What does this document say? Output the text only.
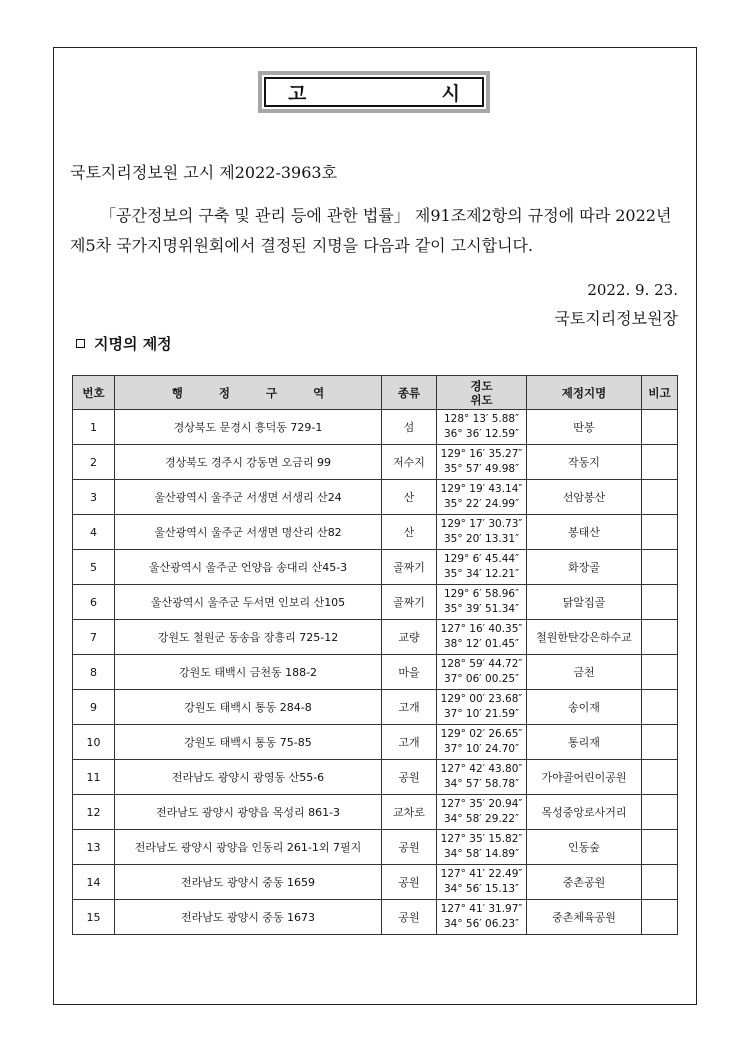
고	시
국토지리정보원 고시 제2022-3963호
「공간정보의 구축 및 관리 등에 관한 법률」 제91조제2항의 규정에 따라 2022년 제5차 국가지명위원회에서 결정된 지명을 다음과 같이 고시합니다.
2022. 9. 23.
국토지리정보원장
지명의 제정
번호	행 정 구 역	종류	경도
위도	제정지명	비고
1	경상북도 문경시 흥덕동 729-1	섬	128° 13′ 5.88″
36° 36′ 12.59″	딴봉	
2	경상북도 경주시 강동면 오금리 99	저수지	129° 16′ 35.27″
35° 57′ 49.98″	작동지	
3	울산광역시 울주군 서생면 서생리 산24	산	129° 19′ 43.14″
35° 22′ 24.99″	선암봉산	
4	울산광역시 울주군 서생면 명산리 산82	산	129° 17′ 30.73″
35° 20′ 13.31″	봉태산	
5	울산광역시 울주군 언양읍 송대리 산45-3	골짜기	129° 6′ 45.44″
35° 34′ 12.21″	화장골	
6	울산광역시 울주군 두서면 인보리 산105	골짜기	129° 6′ 58.96″
35° 39′ 51.34″	닭알집골	
7	강원도 철원군 동송읍 장흥리 725-12	교량	127° 16′ 40.35″
38° 12′ 01.45″	철원한탄강은하수교	
8	강원도 태백시 금천동 188-2	마을	128° 59′ 44.72″
37° 06′ 00.25″	금천	
9	강원도 태백시 통동 284-8	고개	129° 00′ 23.68″
37° 10′ 21.59″	송이재	
10	강원도 태백시 통동 75-85	고개	129° 02′ 26.65″
37° 10′ 24.70″	통리재	
11	전라남도 광양시 광영동 산55-6	공원	127° 42′ 43.80″
34° 57′ 58.78″	가야골어린이공원	
12	전라남도 광양시 광양읍 목성리 861-3	교차로	127° 35′ 20.94″
34° 58′ 29.22″	목성중앙로사거리	
13	전라남도 광양시 광양읍 인동리 261-1외 7필지	공원	127° 35′ 15.82″
34° 58′ 14.89″	인동숲	
14	전라남도 광양시 중동 1659	공원	127° 41′ 22.49″
34° 56′ 15.13″	중촌공원	
15	전라남도 광양시 중동 1673	공원	127° 41′ 31.97″
34° 56′ 06.23″	중촌체육공원	
